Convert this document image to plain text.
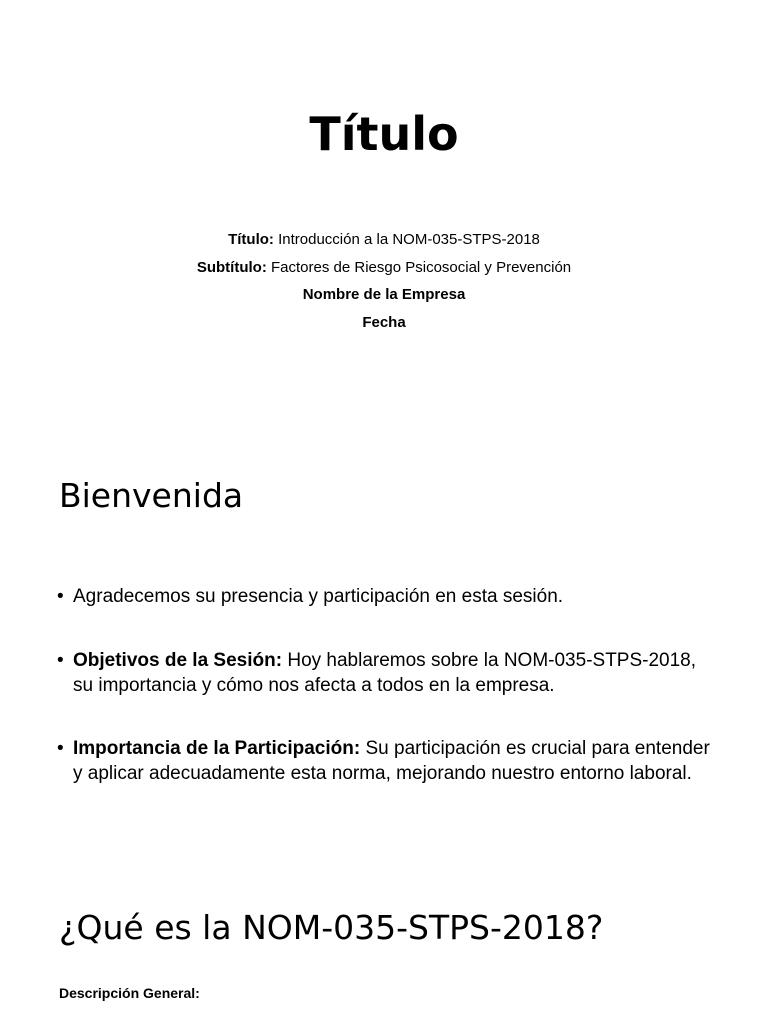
Título

Título: Introducción a la NOM-035-STPS-2018

Subtítulo: Factores de Riesgo Psicosocial y Prevención

Nombre de la Empresa

Fecha

Bienvenida
• Agradecemos su presencia y participación en esta sesión.
• Objetivos de la Sesión: Hoy hablaremos sobre la NOM-035-STPS-2018, su importancia y cómo nos afecta a todos en la empresa.
• Importancia de la Participación: Su participación es crucial para entender y aplicar adecuadamente esta norma, mejorando nuestro entorno laboral.
¿Qué es la NOM-035-STPS-2018?

Descripción General:
